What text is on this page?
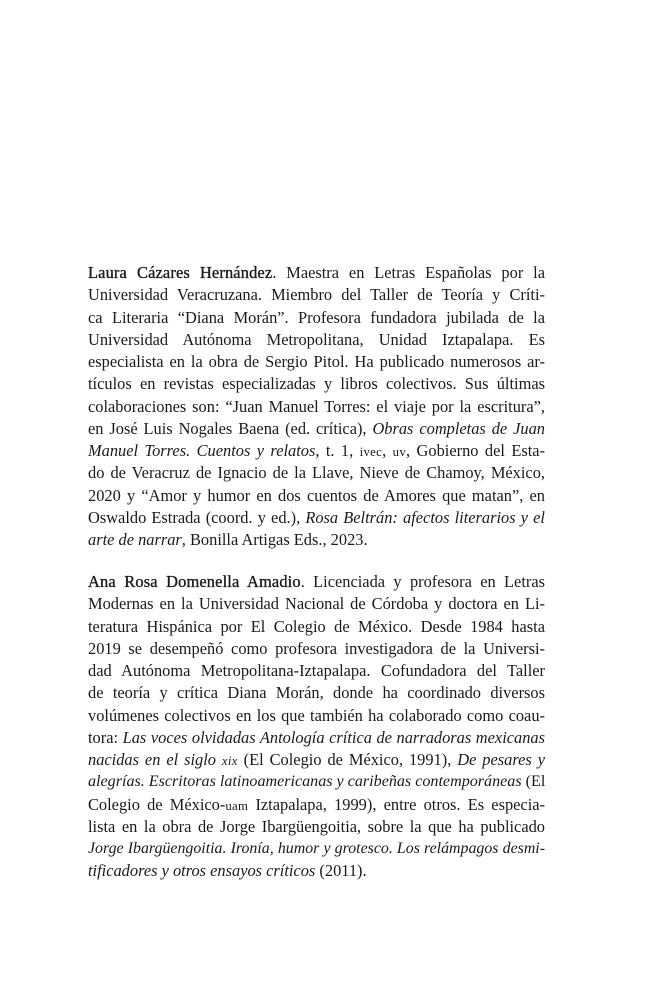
Laura Cázares Hernández. Maestra en Letras Españolas por la
Universidad Veracruzana. Miembro del Taller de Teoría y Críti-
ca Literaria “Diana Morán”. Profesora fundadora jubilada de la
Universidad Autónoma Metropolitana, Unidad Iztapalapa. Es
especialista en la obra de Sergio Pitol. Ha publicado numerosos ar-
tículos en revistas especializadas y libros colectivos. Sus últimas
colaboraciones son: “Juan Manuel Torres: el viaje por la escritura”,
en José Luis Nogales Baena (ed. crítica), Obras completas de Juan
Manuel Torres. Cuentos y relatos, t. 1, ivec, uv, Gobierno del Esta-
do de Veracruz de Ignacio de la Llave, Nieve de Chamoy, México,
2020 y “Amor y humor en dos cuentos de Amores que matan”, en
Oswaldo Estrada (coord. y ed.), Rosa Beltrán: afectos literarios y el
arte de narrar, Bonilla Artigas Eds., 2023.
Ana Rosa Domenella Amadio. Licenciada y profesora en Letras
Modernas en la Universidad Nacional de Córdoba y doctora en Li-
teratura Hispánica por El Colegio de México. Desde 1984 hasta
2019 se desempeñó como profesora investigadora de la Universi-
dad Autónoma Metropolitana-Iztapalapa. Cofundadora del Taller
de teoría y crítica Diana Morán, donde ha coordinado diversos
volúmenes colectivos en los que también ha colaborado como coau-
tora: Las voces olvidadas Antología crítica de narradoras mexicanas
nacidas en el siglo xix (El Colegio de México, 1991), De pesares y
alegrías. Escritoras latinoamericanas y caribeñas contemporáneas (El
Colegio de México-uam Iztapalapa, 1999), entre otros. Es especia-
lista en la obra de Jorge Ibargüengoitia, sobre la que ha publicado
Jorge Ibargüengoitia. Ironía, humor y grotesco. Los relámpagos desmi-
tificadores y otros ensayos críticos (2011).
